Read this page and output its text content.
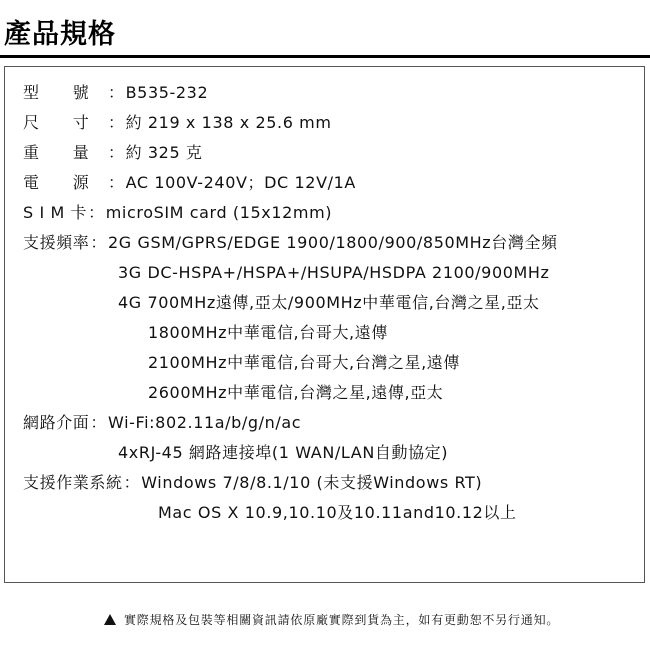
產品規格
型　　號 ：B535-232
尺　　寸 ：約 219 x 138 x 25.6 mm
重　　量 ：約 325 克
電　　源 ：AC 100V-240V；DC 12V/1A
S I M 卡：microSIM card (15x12mm)
支援頻率：2G GSM/GPRS/EDGE 1900/1800/900/850MHz台灣全頻
3G DC-HSPA+/HSPA+/HSUPA/HSDPA 2100/900MHz
4G 700MHz遠傳,亞太/900MHz中華電信,台灣之星,亞太
1800MHz中華電信,台哥大,遠傳
2100MHz中華電信,台哥大,台灣之星,遠傳
2600MHz中華電信,台灣之星,遠傳,亞太
網路介面：Wi-Fi:802.11a/b/g/n/ac
4xRJ-45 網路連接埠(1 WAN/LAN自動協定)
支援作業系統：Windows 7/8/8.1/10 (未支援Windows RT)
Mac OS X 10.9,10.10及10.11and10.12以上
實際規格及包裝等相關資訊請依原廠實際到貨為主，如有更動恕不另行通知。
